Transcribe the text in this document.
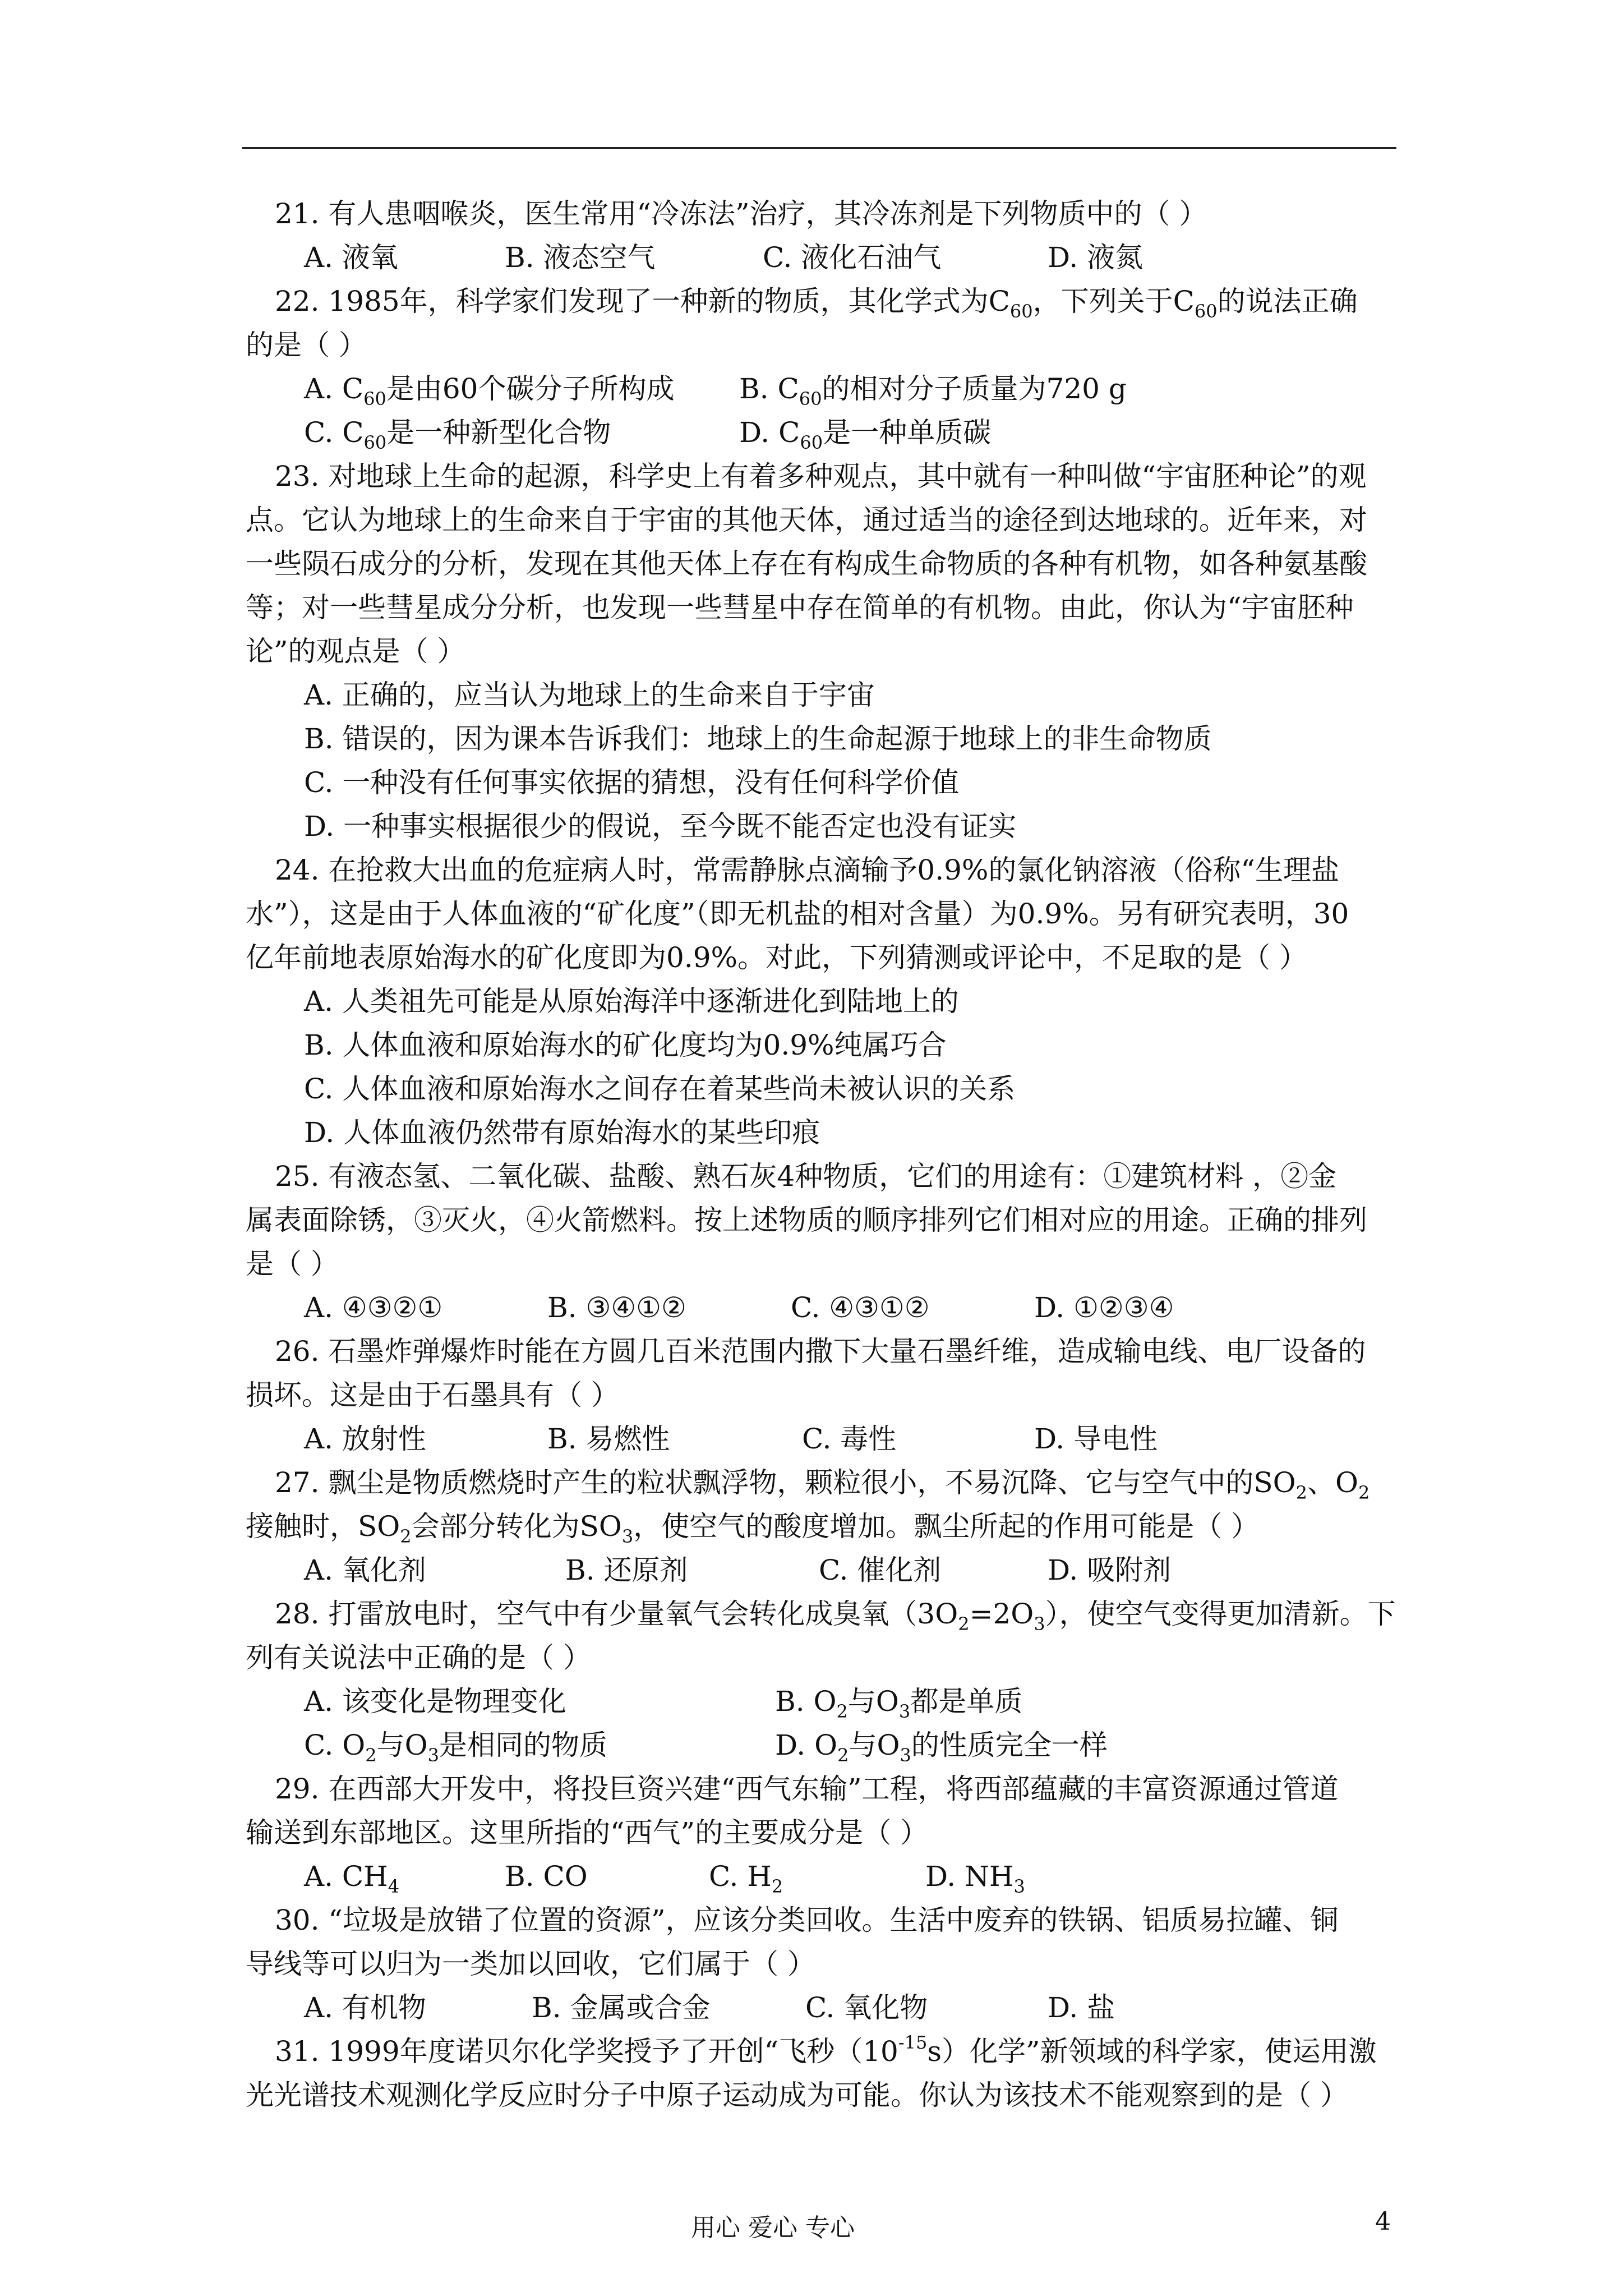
21. 有人患咽喉炎，医生常用“冷冻法”治疗，其冷冻剂是下列物质中的（ ）
A. 液氧	B. 液态空气	C. 液化石油气	D. 液氮
22. 1985年，科学家们发现了一种新的物质，其化学式为$C_{60}$，下列关于$C_{60}$的说法正确
的是（ ）
A. $C_{60}$是由60个碳分子所构成 B. $C_{60}$的相对分子质量为720 g
C. $C_{60}$是一种新型化合物	D. $C_{60}$是一种单质碳
23. 对地球上生命的起源，科学史上有着多种观点，其中就有一种叫做“宇宙胚种论”的观
点。它认为地球上的生命来自于宇宙的其他天体，通过适当的途径到达地球的。近年来，对
一些陨石成分的分析，发现在其他天体上存在有构成生命物质的各种有机物，如各种氨基酸
等；对一些彗星成分分析，也发现一些彗星中存在简单的有机物。由此，你认为“宇宙胚种
论”的观点是（ ）
A. 正确的，应当认为地球上的生命来自于宇宙
B. 错误的，因为课本告诉我们：地球上的生命起源于地球上的非生命物质
C. 一种没有任何事实依据的猜想，没有任何科学价值
D. 一种事实根据很少的假说，至今既不能否定也没有证实
24. 在抢救大出血的危症病人时，常需静脉点滴输予0.9%的氯化钠溶液（俗称“生理盐
水”），这是由于人体血液的“矿化度”（即无机盐的相对含量）为0.9%。另有研究表明，30
亿年前地表原始海水的矿化度即为0.9%。对此，下列猜测或评论中，不足取的是（ ）
A. 人类祖先可能是从原始海洋中逐渐进化到陆地上的
B. 人体血液和原始海水的矿化度均为0.9%纯属巧合
C. 人体血液和原始海水之间存在着某些尚未被认识的关系
D. 人体血液仍然带有原始海水的某些印痕
25. 有液态氢、二氧化碳、盐酸、熟石灰4种物质，它们的用途有：①建筑材料 ，②金
属表面除锈，③灭火，④火箭燃料。按上述物质的顺序排列它们相对应的用途。正确的排列
是（ ）
A. ④③②①	B. ③④①②	C. ④③①②	D. ①②③④
26. 石墨炸弹爆炸时能在方圆几百米范围内撒下大量石墨纤维，造成输电线、电厂设备的
损坏。这是由于石墨具有（ ）
A. 放射性	B. 易燃性	C. 毒性	D. 导电性
27. 飘尘是物质燃烧时产生的粒状飘浮物，颗粒很小，不易沉降、它与空气中的$SO_2$、$O_2$
接触时，$SO_2$会部分转化为$SO_3$，使空气的酸度增加。飘尘所起的作用可能是（ ）
A. 氧化剂	B. 还原剂	C. 催化剂	D. 吸附剂
28. 打雷放电时，空气中有少量氧气会转化成臭氧$(3O_2=2O_3)$，使空气变得更加清新。下
列有关说法中正确的是（ ）
A. 该变化是物理变化	B. $O_2$与$O_3$都是单质
C. $O_2$与$O_3$是相同的物质	D. $O_2$与$O_3$的性质完全一样
29. 在西部大开发中，将投巨资兴建“西气东输”工程，将西部蕴藏的丰富资源通过管道
输送到东部地区。这里所指的“西气”的主要成分是（ ）
A. $CH_4$	B. CO	C. $H_2$	D. $NH_3$
30. “垃圾是放错了位置的资源”，应该分类回收。生活中废弃的铁锅、铝质易拉罐、铜
导线等可以归为一类加以回收，它们属于（ ）
A. 有机物	B. 金属或合金	C. 氧化物	D. 盐
31. 1999年度诺贝尔化学奖授予了开创“飞秒$(10^{-15}s)$化学”新领域的科学家，使运用激
光光谱技术观测化学反应时分子中原子运动成为可能。你认为该技术不能观察到的是（ ）
用心 爱心 专心	4
